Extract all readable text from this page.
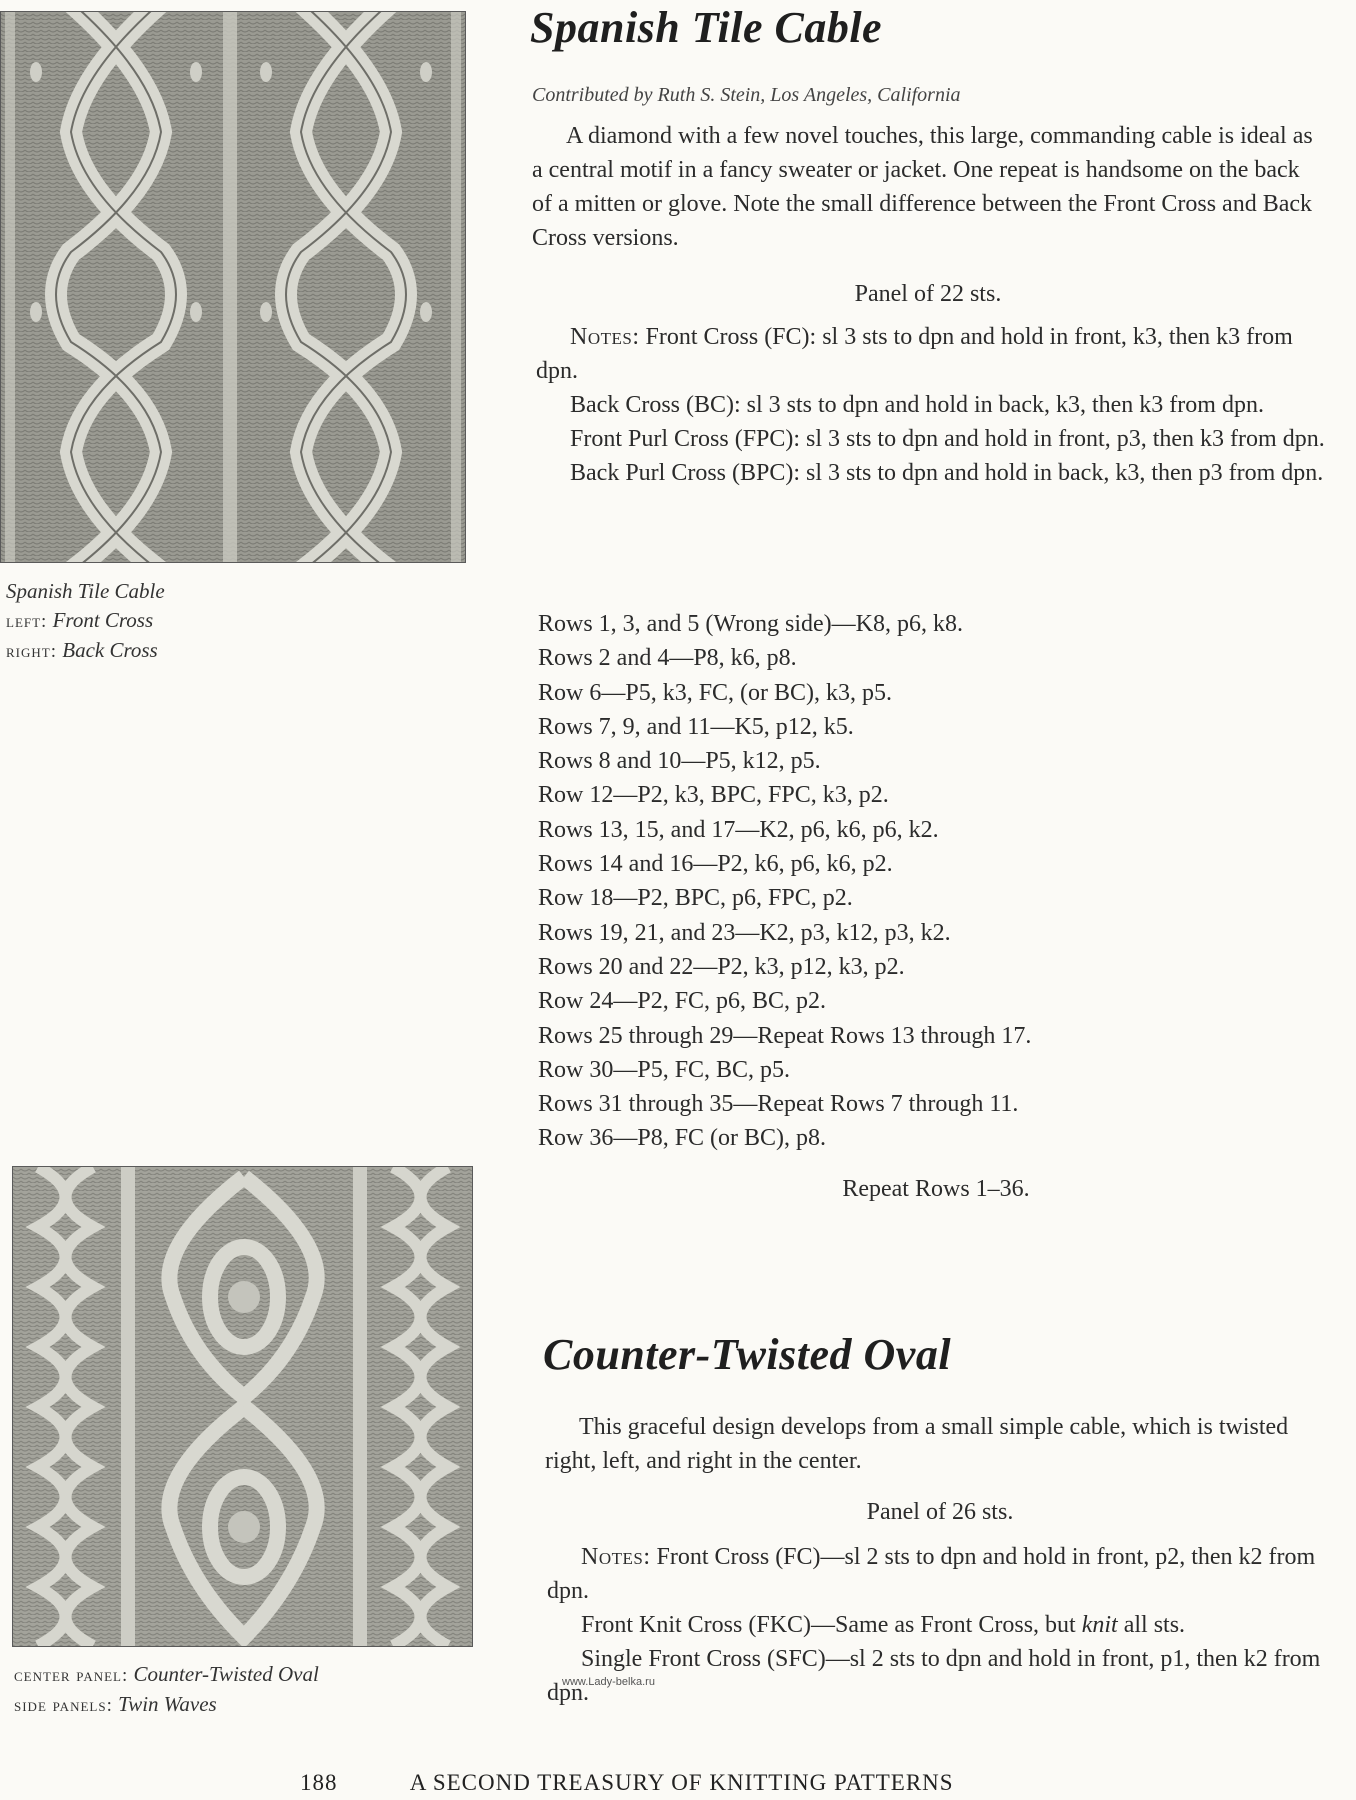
Spanish Tile Cable
left: Front Cross
right: Back Cross
center panel: Counter-Twisted Oval
side panels: Twin Waves
Spanish Tile Cable
Contributed by Ruth S. Stein, Los Angeles, California

A diamond with a few novel touches, this large, commanding cable is ideal as a central motif in a fancy sweater or jacket. One repeat is handsome on the back of a mitten or glove. Note the small difference between the Front Cross and Back Cross versions.

Panel of 22 sts.

Notes: Front Cross (FC): sl 3 sts to dpn and hold in front, k3, then k3 from dpn.

Back Cross (BC): sl 3 sts to dpn and hold in back, k3, then k3 from dpn.

Front Purl Cross (FPC): sl 3 sts to dpn and hold in front, p3, then k3 from dpn.

Back Purl Cross (BPC): sl 3 sts to dpn and hold in back, k3, then p3 from dpn.

Rows 1, 3, and 5 (Wrong side)—K8, p6, k8.
Rows 2 and 4—P8, k6, p8.
Row 6—P5, k3, FC, (or BC), k3, p5.
Rows 7, 9, and 11—K5, p12, k5.
Rows 8 and 10—P5, k12, p5.
Row 12—P2, k3, BPC, FPC, k3, p2.
Rows 13, 15, and 17—K2, p6, k6, p6, k2.
Rows 14 and 16—P2, k6, p6, k6, p2.
Row 18—P2, BPC, p6, FPC, p2.
Rows 19, 21, and 23—K2, p3, k12, p3, k2.
Rows 20 and 22—P2, k3, p12, k3, p2.
Row 24—P2, FC, p6, BC, p2.
Rows 25 through 29—Repeat Rows 13 through 17.
Row 30—P5, FC, BC, p5.
Rows 31 through 35—Repeat Rows 7 through 11.
Row 36—P8, FC (or BC), p8.
Repeat Rows 1–36.
Counter-Twisted Oval

This graceful design develops from a small simple cable, which is twisted right, left, and right in the center.

Panel of 26 sts.

Notes: Front Cross (FC)—sl 2 sts to dpn and hold in front, p2, then k2 from dpn.

Front Knit Cross (FKC)—Same as Front Cross, but knit all sts.

Single Front Cross (SFC)—sl 2 sts to dpn and hold in front, p1, then k2 from dpn.

www.Lady-belka.ru
188	A SECOND TREASURY OF KNITTING PATTERNS
